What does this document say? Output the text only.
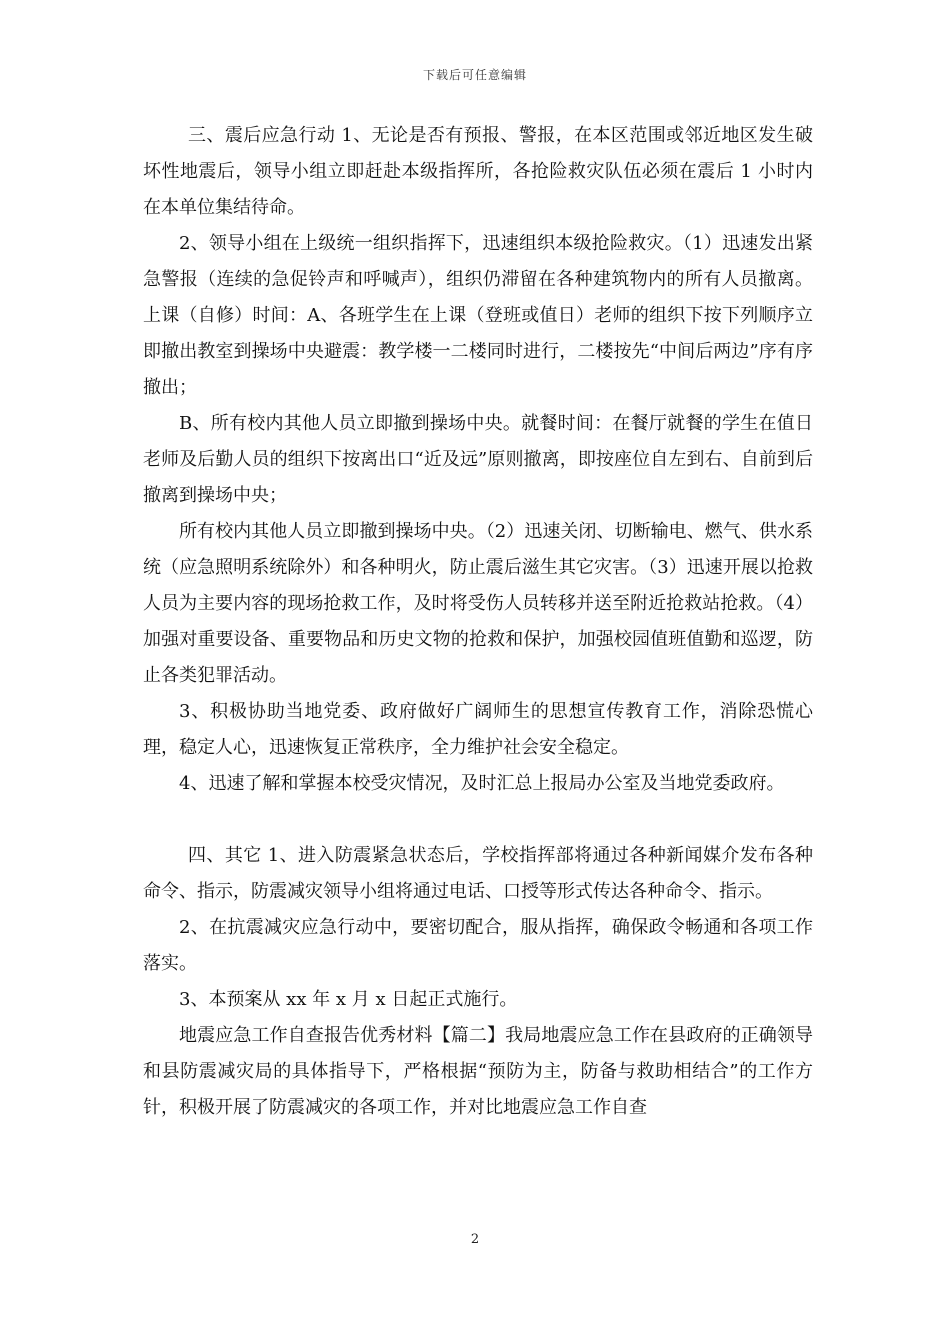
下载后可任意编辑

三、震后应急行动 1、无论是否有预报、警报，在本区范围或邻近地区发生破坏性地震后，领导小组立即赶赴本级指挥所，各抢险救灾队伍必须在震后 1 小时内在本单位集结待命。

2、领导小组在上级统一组织指挥下，迅速组织本级抢险救灾。（1）迅速发出紧急警报（连续的急促铃声和呼喊声），组织仍滞留在各种建筑物内的所有人员撤离。上课（自修）时间：A、各班学生在上课（登班或值日）老师的组织下按下列顺序立即撤出教室到操场中央避震：教学楼一二楼同时进行，二楼按先“中间后两边”序有序撤出；

B、所有校内其他人员立即撤到操场中央。就餐时间：在餐厅就餐的学生在值日老师及后勤人员的组织下按离出口“近及远”原则撤离，即按座位自左到右、自前到后撤离到操场中央；

所有校内其他人员立即撤到操场中央。（2）迅速关闭、切断输电、燃气、供水系统（应急照明系统除外）和各种明火，防止震后滋生其它灾害。（3）迅速开展以抢救人员为主要内容的现场抢救工作，及时将受伤人员转移并送至附近抢救站抢救。（4）加强对重要设备、重要物品和历史文物的抢救和保护，加强校园值班值勤和巡逻，防止各类犯罪活动。

3、积极协助当地党委、政府做好广阔师生的思想宣传教育工作，消除恐慌心理，稳定人心，迅速恢复正常秩序，全力维护社会安全稳定。

4、迅速了解和掌握本校受灾情况，及时汇总上报局办公室及当地党委政府。

四、其它 1、进入防震紧急状态后，学校指挥部将通过各种新闻媒介发布各种命令、指示，防震减灾领导小组将通过电话、口授等形式传达各种命令、指示。

2、在抗震减灾应急行动中，要密切配合，服从指挥，确保政令畅通和各项工作落实。

3、本预案从 xx 年 x 月 x 日起正式施行。

地震应急工作自查报告优秀材料【篇二】我局地震应急工作在县政府的正确领导和县防震减灾局的具体指导下，严格根据“预防为主，防备与救助相结合”的工作方针，积极开展了防震减灾的各项工作，并对比地震应急工作自查

2
